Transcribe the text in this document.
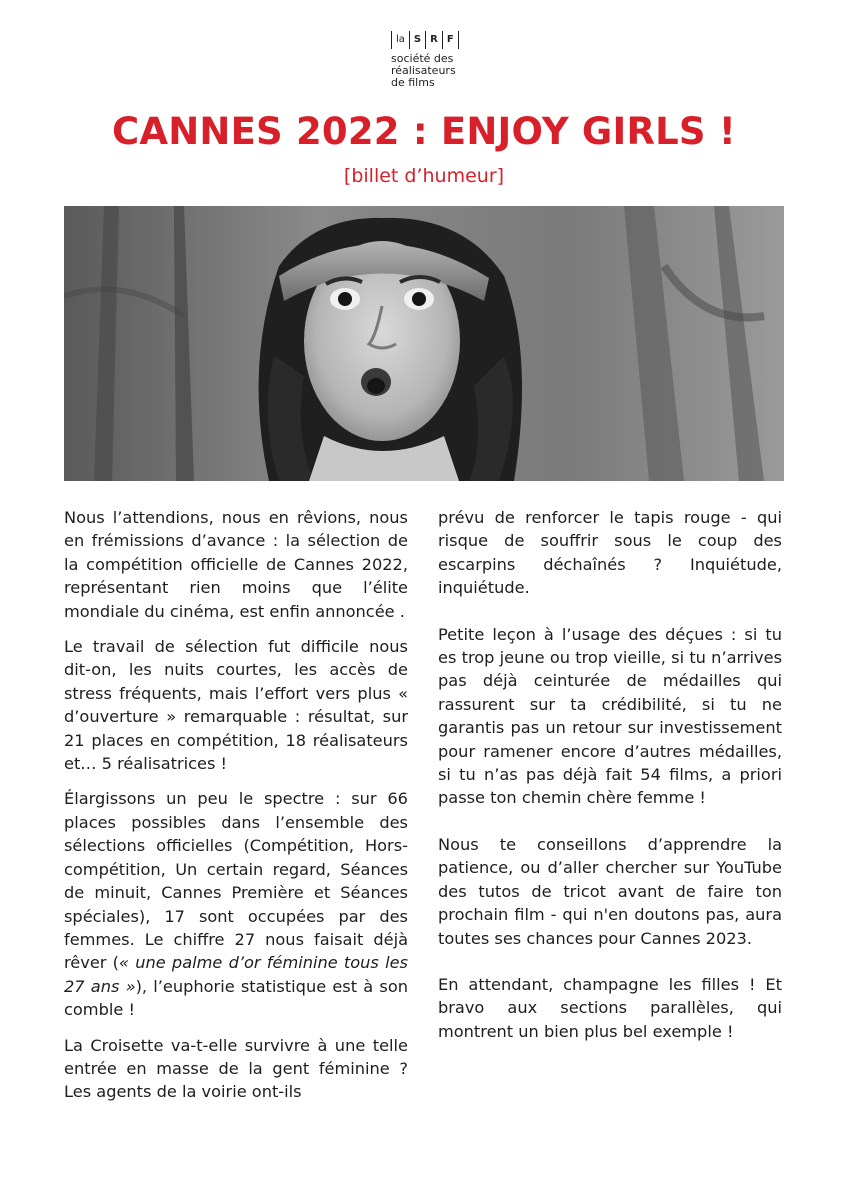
la S R F
société des
réalisateurs
de films
CANNES 2022 : ENJOY GIRLS !
[billet d’humeur]

Nous l’attendions, nous en rêvions, nous en frémissions d’avance : la sélection de la compétition officielle de Cannes 2022, représentant rien moins que l’élite mondiale du cinéma, est enfin annoncée .

Le travail de sélection fut difficile nous dit-on, les nuits courtes, les accès de stress fréquents, mais l’effort vers plus « d’ouverture » remarquable : résultat, sur 21 places en compétition, 18 réalisateurs et… 5 réalisatrices !

Élargissons un peu le spectre : sur 66 places possibles dans l’ensemble des sélections officielles (Compétition, Hors-compétition, Un certain regard, Séances de minuit, Cannes Première et Séances spéciales), 17 sont occupées par des femmes. Le chiffre 27 nous faisait déjà rêver (« une palme d’or féminine tous les 27 ans »), l’euphorie statistique est à son comble !

La Croisette va-t-elle survivre à une telle entrée en masse de la gent féminine ? Les agents de la voirie ont-ils

prévu de renforcer le tapis rouge - qui risque de souffrir sous le coup des escarpins déchaînés ? Inquiétude, inquiétude.

Petite leçon à l’usage des déçues : si tu es trop jeune ou trop vieille, si tu n’arrives pas déjà ceinturée de médailles qui rassurent sur ta crédibilité, si tu ne garantis pas un retour sur investissement pour ramener encore d’autres médailles, si tu n’as pas déjà fait 54 films, a priori passe ton chemin chère femme !

Nous te conseillons d’apprendre la patience, ou d’aller chercher sur YouTube des tutos de tricot avant de faire ton prochain film - qui n'en doutons pas, aura toutes ses chances pour Cannes 2023.

En attendant, champagne les filles ! Et bravo aux sections parallèles, qui montrent un bien plus bel exemple !
